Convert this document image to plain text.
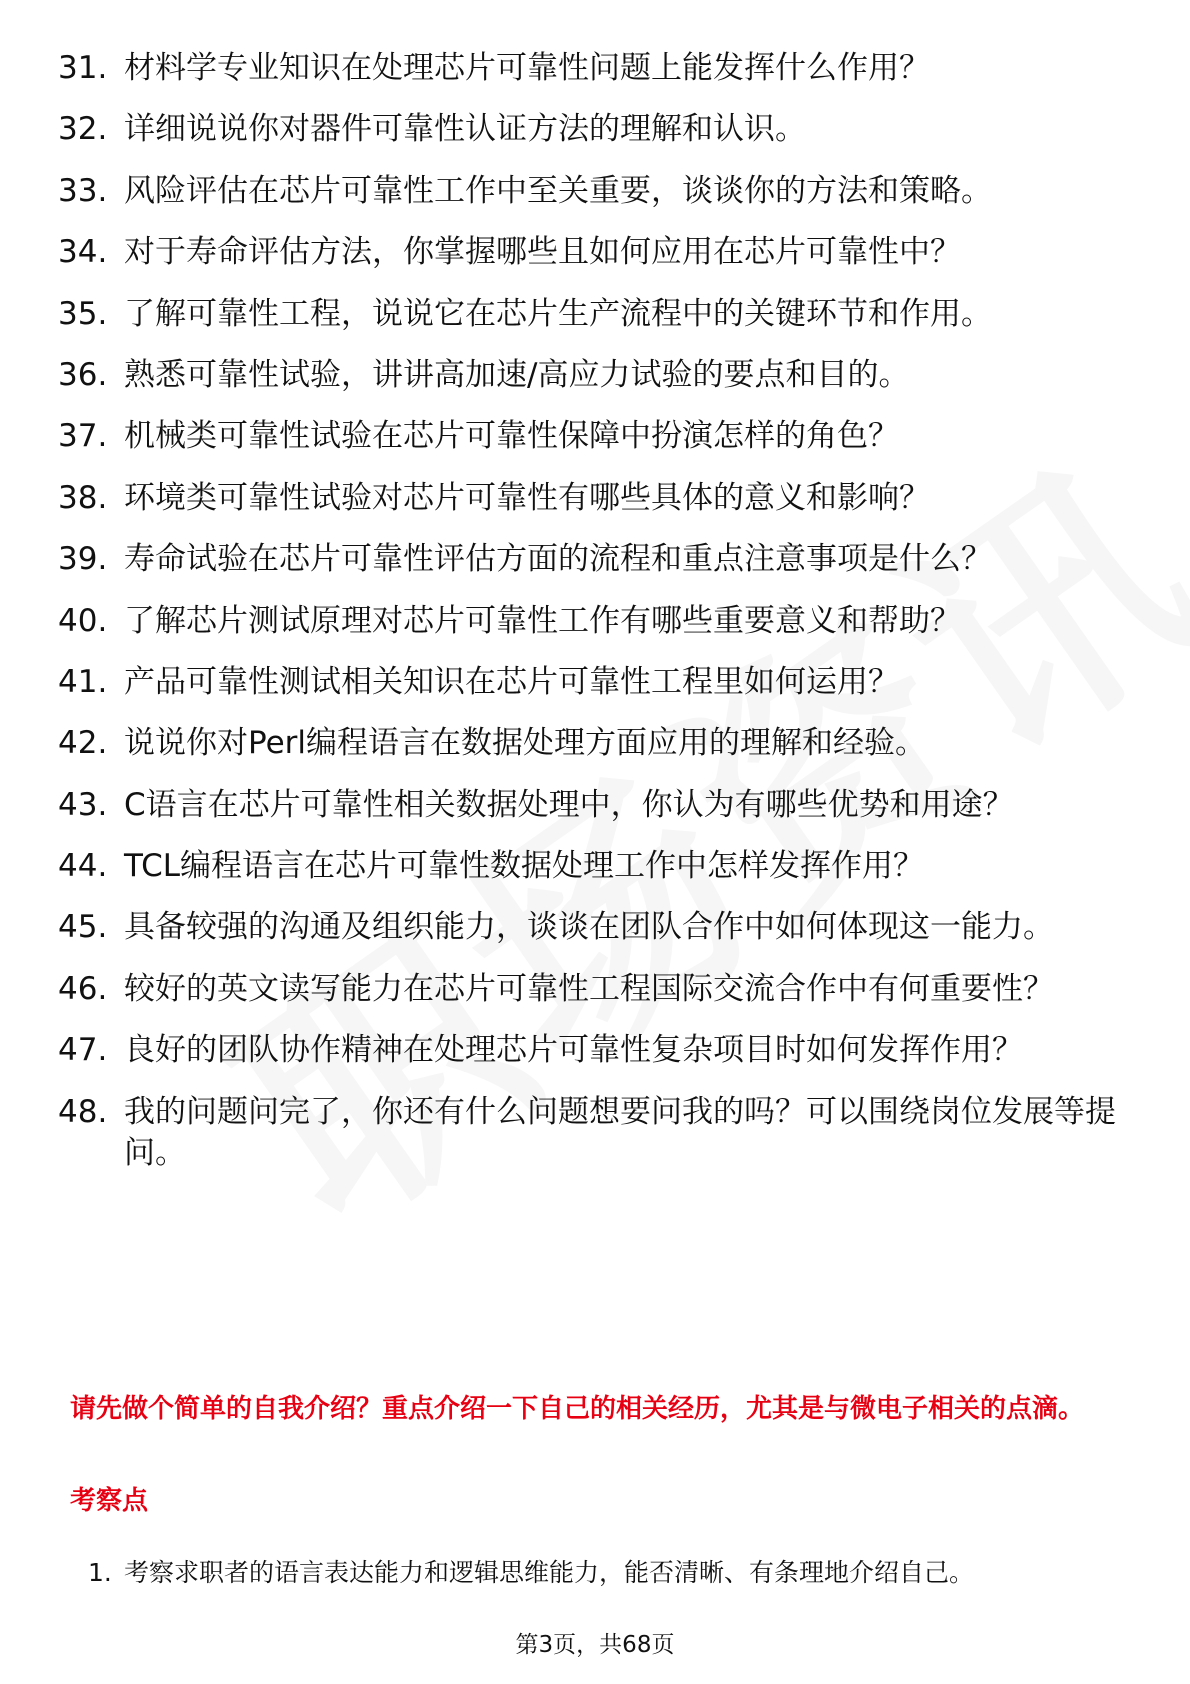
31. 材料学专业知识在处理芯片可靠性问题上能发挥什么作用？
32. 详细说说你对器件可靠性认证方法的理解和认识。
33. 风险评估在芯片可靠性工作中至关重要，谈谈你的方法和策略。
34. 对于寿命评估方法，你掌握哪些且如何应用在芯片可靠性中？
35. 了解可靠性工程，说说它在芯片生产流程中的关键环节和作用。
36. 熟悉可靠性试验，讲讲高加速/高应力试验的要点和目的。
37. 机械类可靠性试验在芯片可靠性保障中扮演怎样的角色？
38. 环境类可靠性试验对芯片可靠性有哪些具体的意义和影响？
39. 寿命试验在芯片可靠性评估方面的流程和重点注意事项是什么？
40. 了解芯片测试原理对芯片可靠性工作有哪些重要意义和帮助？
41. 产品可靠性测试相关知识在芯片可靠性工程里如何运用？
42. 说说你对Perl编程语言在数据处理方面应用的理解和经验。
43. C语言在芯片可靠性相关数据处理中，你认为有哪些优势和用途？
44. TCL编程语言在芯片可靠性数据处理工作中怎样发挥作用？
45. 具备较强的沟通及组织能力，谈谈在团队合作中如何体现这一能力。
46. 较好的英文读写能力在芯片可靠性工程国际交流合作中有何重要性？
47. 良好的团队协作精神在处理芯片可靠性复杂项目时如何发挥作用？
48. 我的问题问完了，你还有什么问题想要问我的吗？可以围绕岗位发展等提问。
请先做个简单的自我介绍？重点介绍一下自己的相关经历，尤其是与微电子相关的点滴。
考察点
1. 考察求职者的语言表达能力和逻辑思维能力，能否清晰、有条理地介绍自己。
第3页，共68页
